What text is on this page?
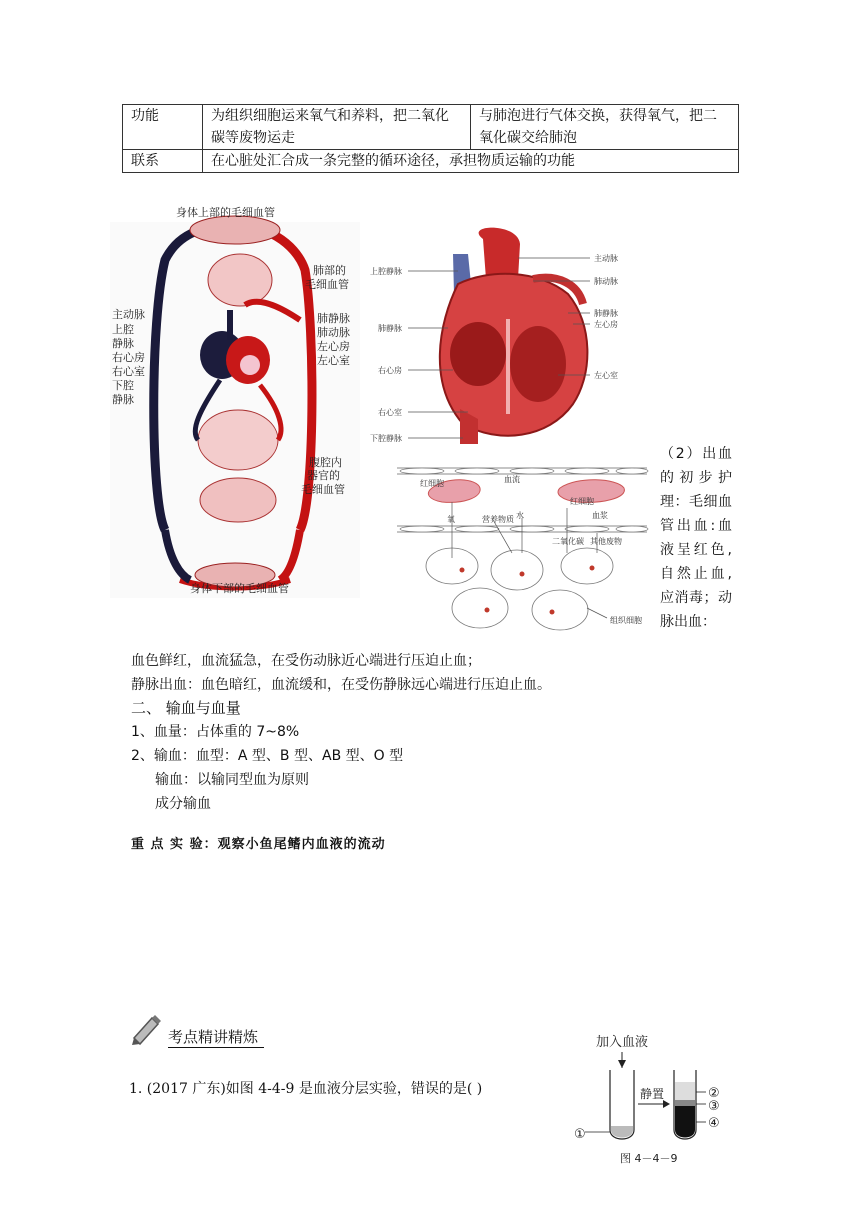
功能	为组织细胞运来氧气和养料，把二氧化碳等废物运走	与肺泡进行气体交换，获得氧气，把二氧化碳交给肺泡
联系	在心脏处汇合成一条完整的循环途径，承担物质运输的功能	
身体上部的毛细血管
身体下部的毛细血管
主动脉
上腔
静脉
右心房
右心室
下腔
静脉
肺部的
毛细血管
肺静脉
肺动脉
左心房
左心室
腹腔内
器官的
毛细血管
上腔静脉
肺静脉
右心房
右心室
下腔静脉
主动脉
肺动脉
肺静脉
左心房
左心室
红细胞	血流
红细胞
血浆
氧	营养物质 水
二氧化碳 其他废物
组织细胞
（2）出血的初步护理：毛细血管出血:血液呈红色,自然止血,应消毒；动脉出血：
血色鲜红，血流猛急，在受伤动脉近心端进行压迫止血；
静脉出血：血色暗红，血流缓和，在受伤静脉远心端进行压迫止血。
二、 输血与血量
1、血量：占体重的 7~8%
2、输血：血型：A 型、B 型、AB 型、O 型
输血：以输同型血为原则
成分输血
重 点 实 验：观察小鱼尾鳍内血液的流动
考点精讲精炼
1. (2017 广东)如图 4-4-9 是血液分层实验，错误的是( )
加入血液
①
静置	②
③
④
图 4－4－9
